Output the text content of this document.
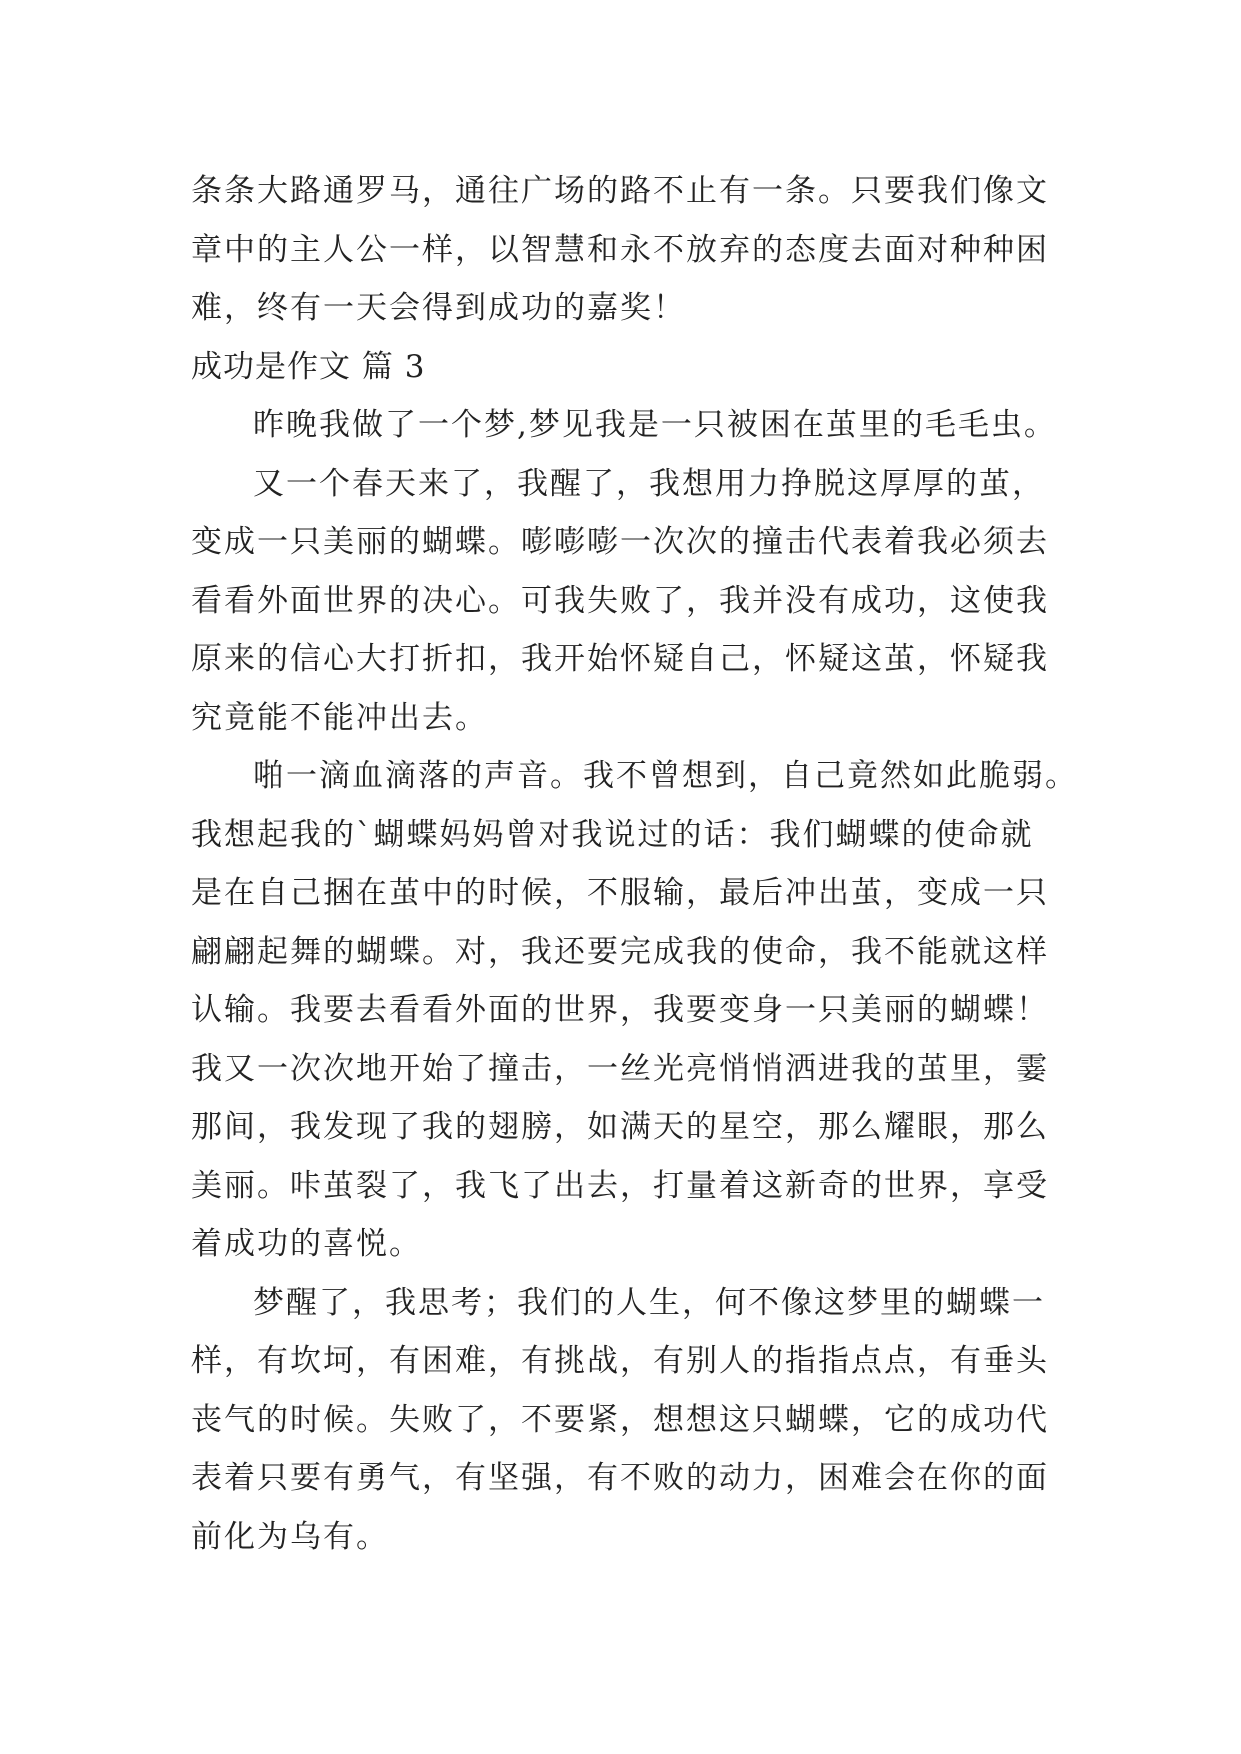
条条大路通罗马，通往广场的路不止有一条。只要我们像文
章中的主人公一样，以智慧和永不放弃的态度去面对种种困
难，终有一天会得到成功的嘉奖！
成功是作文 篇 3
昨晚我做了一个梦,梦见我是一只被困在茧里的毛毛虫。
又一个春天来了，我醒了，我想用力挣脱这厚厚的茧，
变成一只美丽的蝴蝶。嘭嘭嘭一次次的撞击代表着我必须去
看看外面世界的决心。可我失败了，我并没有成功，这使我
原来的信心大打折扣，我开始怀疑自己，怀疑这茧，怀疑我
究竟能不能冲出去。
啪一滴血滴落的声音。我不曾想到，自己竟然如此脆弱。
我想起我的`蝴蝶妈妈曾对我说过的话：我们蝴蝶的使命就
是在自己捆在茧中的时候，不服输，最后冲出茧，变成一只
翩翩起舞的蝴蝶。对，我还要完成我的使命，我不能就这样
认输。我要去看看外面的世界，我要变身一只美丽的蝴蝶！
我又一次次地开始了撞击，一丝光亮悄悄洒进我的茧里，霎
那间，我发现了我的翅膀，如满天的星空，那么耀眼，那么
美丽。咔茧裂了，我飞了出去，打量着这新奇的世界，享受
着成功的喜悦。
梦醒了，我思考；我们的人生，何不像这梦里的蝴蝶一
样，有坎坷，有困难，有挑战，有别人的指指点点，有垂头
丧气的时候。失败了，不要紧，想想这只蝴蝶，它的成功代
表着只要有勇气，有坚强，有不败的动力，困难会在你的面
前化为乌有。
